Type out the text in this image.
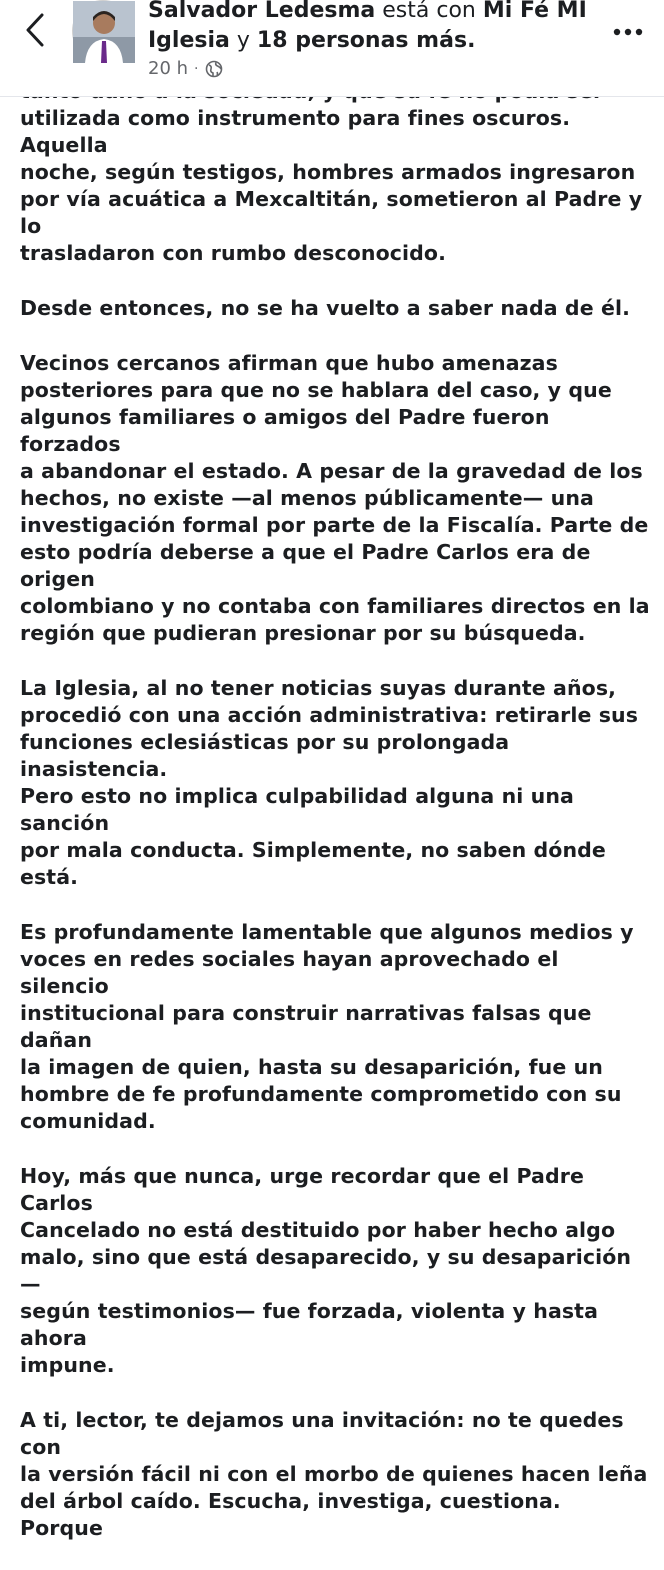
Salvador Ledesma está con Mi Fé MI Iglesia y 18 personas más.
20 h ·

utilizada como instrumento para fines oscuros. Aquella
noche, según testigos, hombres armados ingresaron
por vía acuática a Mexcaltitán, sometieron al Padre y lo
trasladaron con rumbo desconocido.

Desde entonces, no se ha vuelto a saber nada de él.

Vecinos cercanos afirman que hubo amenazas
posteriores para que no se hablara del caso, y que
algunos familiares o amigos del Padre fueron forzados
a abandonar el estado. A pesar de la gravedad de los
hechos, no existe —al menos públicamente— una
investigación formal por parte de la Fiscalía. Parte de
esto podría deberse a que el Padre Carlos era de origen
colombiano y no contaba con familiares directos en la
región que pudieran presionar por su búsqueda.

La Iglesia, al no tener noticias suyas durante años,
procedió con una acción administrativa: retirarle sus
funciones eclesiásticas por su prolongada inasistencia.
Pero esto no implica culpabilidad alguna ni una sanción
por mala conducta. Simplemente, no saben dónde está.

Es profundamente lamentable que algunos medios y
voces en redes sociales hayan aprovechado el silencio
institucional para construir narrativas falsas que dañan
la imagen de quien, hasta su desaparición, fue un
hombre de fe profundamente comprometido con su
comunidad.

Hoy, más que nunca, urge recordar que el Padre Carlos
Cancelado no está destituido por haber hecho algo
malo, sino que está desaparecido, y su desaparición —
según testimonios— fue forzada, violenta y hasta ahora
impune.

A ti, lector, te dejamos una invitación: no te quedes con
la versión fácil ni con el morbo de quienes hacen leña
del árbol caído. Escucha, investiga, cuestiona. Porque
